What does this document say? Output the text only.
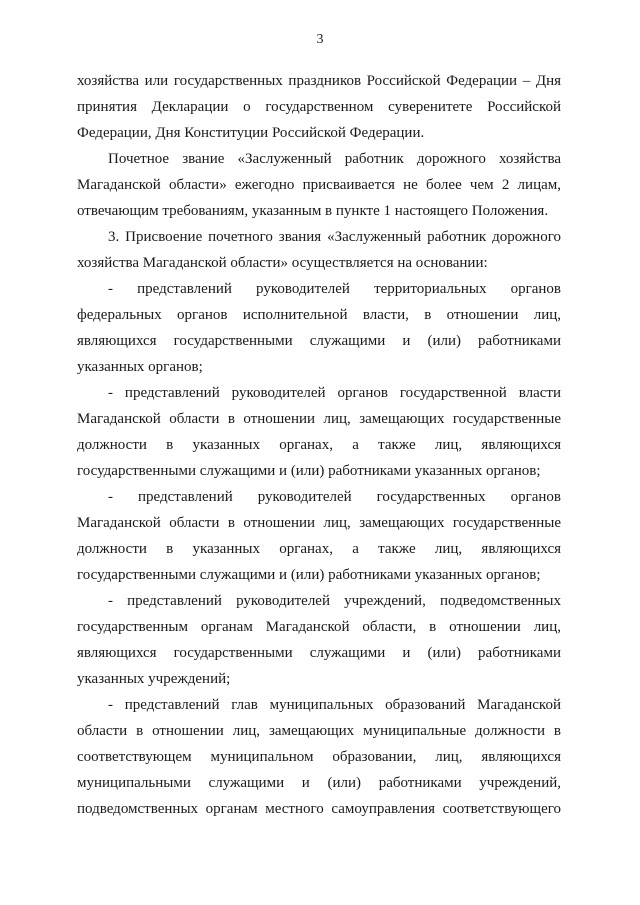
3
хозяйства или государственных праздников Российской Федерации – Дня
принятия Декларации о государственном суверенитете Российской
Федерации, Дня Конституции Российской Федерации.
Почетное звание «Заслуженный работник дорожного хозяйства
Магаданской области» ежегодно присваивается не более чем 2 лицам,
отвечающим требованиям, указанным в пункте 1 настоящего Положения.
3. Присвоение почетного звания «Заслуженный работник дорожного
хозяйства Магаданской области» осуществляется на основании:
- представлений руководителей территориальных органов
федеральных органов исполнительной власти, в отношении лиц,
являющихся государственными служащими и (или) работниками
указанных органов;
- представлений руководителей органов государственной власти
Магаданской области в отношении лиц, замещающих государственные
должности в указанных органах, а также лиц, являющихся
государственными служащими и (или) работниками указанных органов;
- представлений руководителей государственных органов
Магаданской области в отношении лиц, замещающих государственные
должности в указанных органах, а также лиц, являющихся
государственными служащими и (или) работниками указанных органов;
- представлений руководителей учреждений, подведомственных
государственным органам Магаданской области, в отношении лиц,
являющихся государственными служащими и (или) работниками
указанных учреждений;
- представлений глав муниципальных образований Магаданской
области в отношении лиц, замещающих муниципальные должности в
соответствующем муниципальном образовании, лиц, являющихся
муниципальными служащими и (или) работниками учреждений,
подведомственных органам местного самоуправления соответствующего
